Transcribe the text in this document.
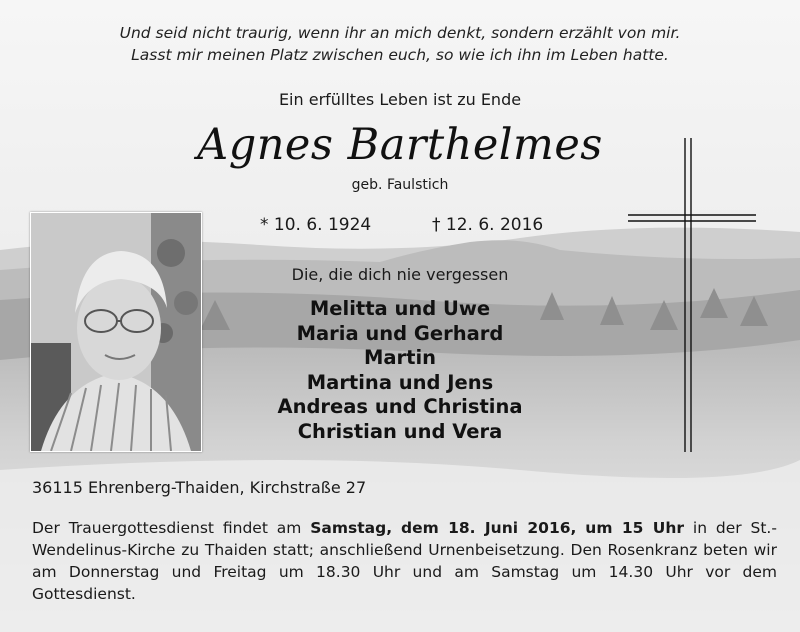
Und seid nicht traurig, wenn ihr an mich denkt, sondern erzählt von mir.
Lasst mir meinen Platz zwischen euch, so wie ich ihn im Leben hatte.
Ein erfülltes Leben ist zu Ende
Agnes Barthelmes
geb. Faulstich
* 10. 6. 1924	† 12. 6. 2016
Die, die dich nie vergessen
Melitta und Uwe
Maria und Gerhard
Martin
Martina und Jens
Andreas und Christina
Christian und Vera
36115 Ehrenberg-Thaiden, Kirchstraße 27

Der Trauergottesdienst findet am Samstag, dem 18. Juni 2016, um 15 Uhr in der St.-Wendelinus-Kirche zu Thaiden statt; anschließend Urnenbeisetzung. Den Rosenkranz beten wir am Donnerstag und Freitag um 18.30 Uhr und am Samstag um 14.30 Uhr vor dem Gottesdienst.
